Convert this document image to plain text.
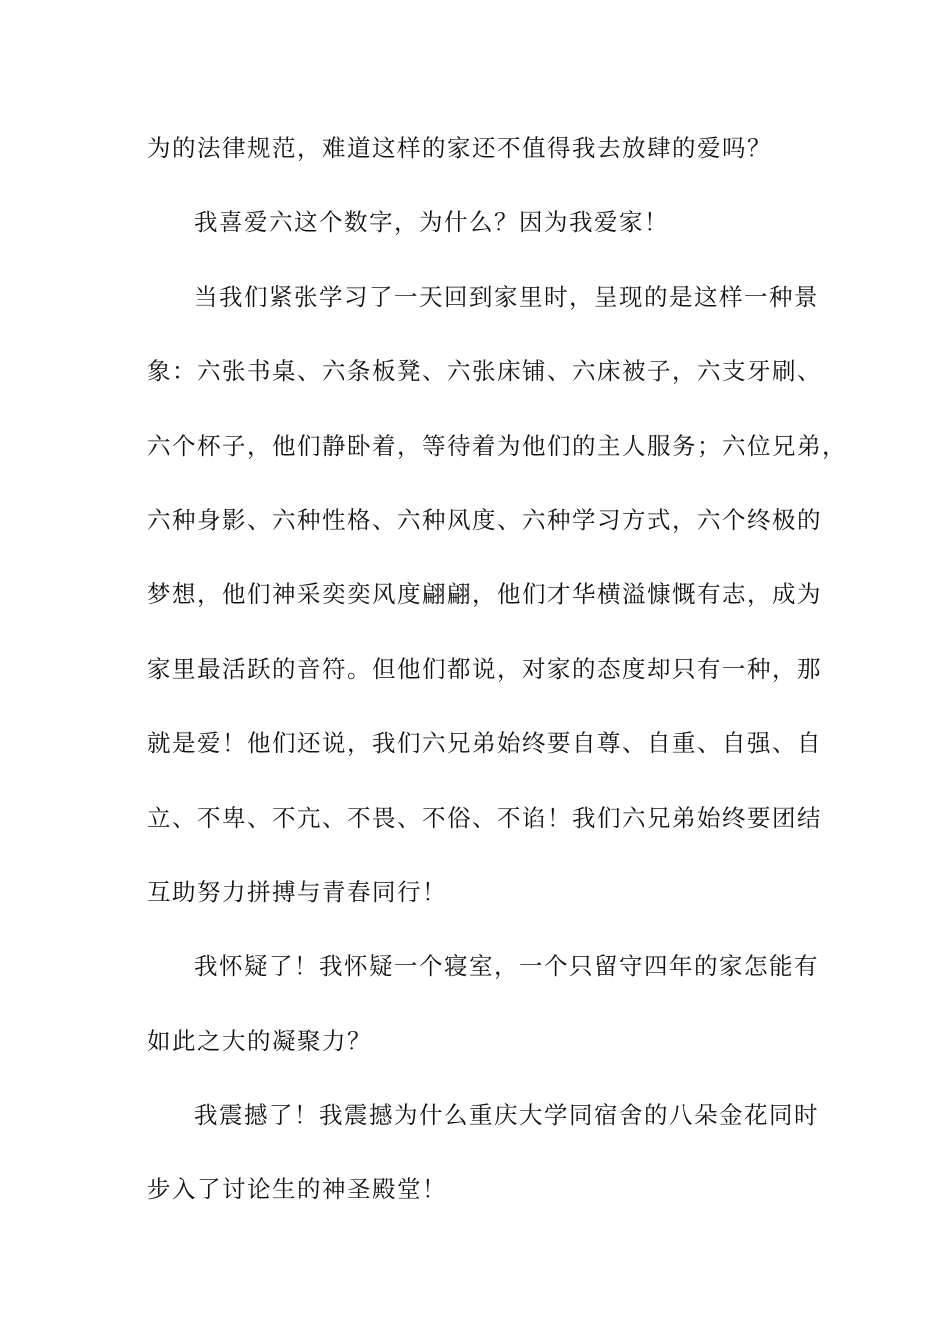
为的法律规范，难道这样的家还不值得我去放肆的爱吗？
我喜爱六这个数字，为什么？因为我爱家！
当我们紧张学习了一天回到家里时，呈现的是这样一种景
象：六张书桌、六条板凳、六张床铺、六床被子，六支牙刷、
六个杯子，他们静卧着，等待着为他们的主人服务；六位兄弟，
六种身影、六种性格、六种风度、六种学习方式，六个终极的
梦想，他们神采奕奕风度翩翩，他们才华横溢慷慨有志，成为
家里最活跃的音符。但他们都说，对家的态度却只有一种，那
就是爱！他们还说，我们六兄弟始终要自尊、自重、自强、自
立、不卑、不亢、不畏、不俗、不谄！我们六兄弟始终要团结
互助努力拼搏与青春同行！
我怀疑了！我怀疑一个寝室，一个只留守四年的家怎能有
如此之大的凝聚力？
我震撼了！我震撼为什么重庆大学同宿舍的八朵金花同时
步入了讨论生的神圣殿堂！
